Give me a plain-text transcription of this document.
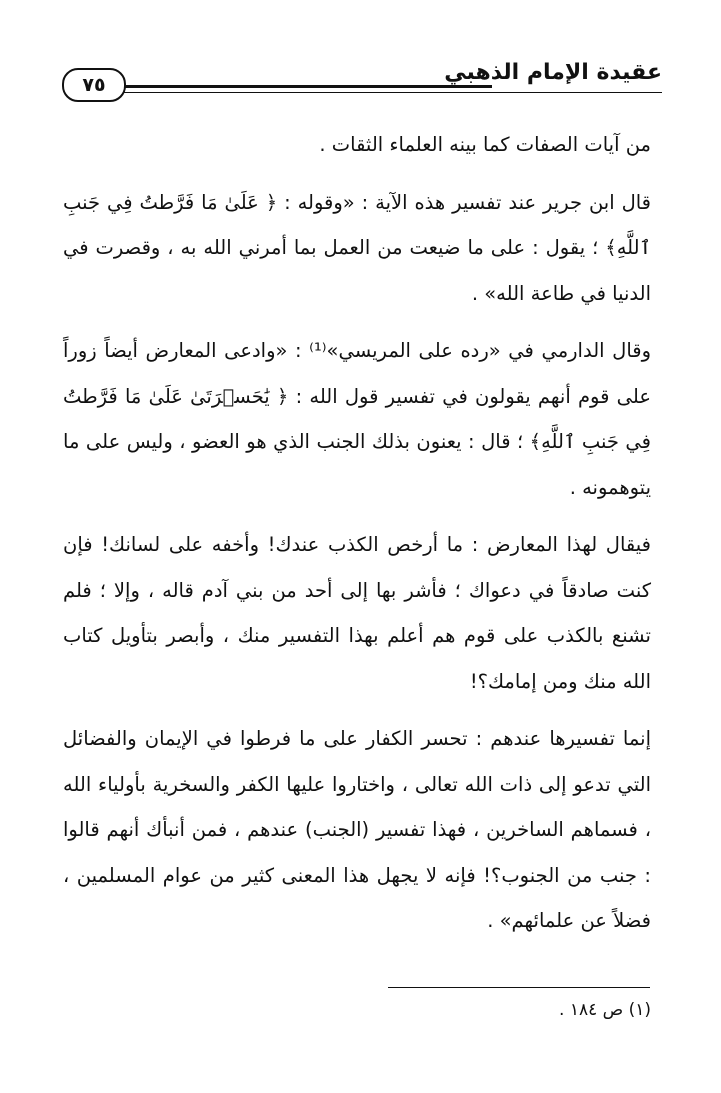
عقيدة الإمام الذهبي
٧٥

من آيات الصفات كما بينه العلماء الثقات .

قال ابن جرير عند تفسير هذه الآية : «وقوله : ﴿ عَلَىٰ مَا فَرَّطتُ فِي جَنبِ ٱللَّهِ﴾ ؛ يقول : على ما ضيعت من العمل بما أمرني الله به ، وقصرت في الدنيا في طاعة الله» .

وقال الدارمي في «رده على المريسي»⁽¹⁾ : «وادعى المعارض أيضاً زوراً على قوم أنهم يقولون في تفسير قول الله : ﴿ يَٰحَسۡرَتَىٰ عَلَىٰ مَا فَرَّطتُ فِي جَنبِ ٱللَّهِ﴾ ؛ قال : يعنون بذلك الجنب الذي هو العضو ، وليس على ما يتوهمونه .

فيقال لهذا المعارض : ما أرخص الكذب عندك! وأخفه على لسانك! فإن كنت صادقاً في دعواك ؛ فأشر بها إلى أحد من بني آدم قاله ، وإلا ؛ فلم تشنع بالكذب على قوم هم أعلم بهذا التفسير منك ، وأبصر بتأويل كتاب الله منك ومن إمامك؟!

إنما تفسيرها عندهم : تحسر الكفار على ما فرطوا في الإيمان والفضائل التي تدعو إلى ذات الله تعالى ، واختاروا عليها الكفر والسخرية بأولياء الله ، فسماهم الساخرين ، فهذا تفسير (الجنب) عندهم ، فمن أنبأك أنهم قالوا : جنب من الجنوب؟! فإنه لا يجهل هذا المعنى كثير من عوام المسلمين ، فضلاً عن علمائهم» .

(١) ص ١٨٤ .
